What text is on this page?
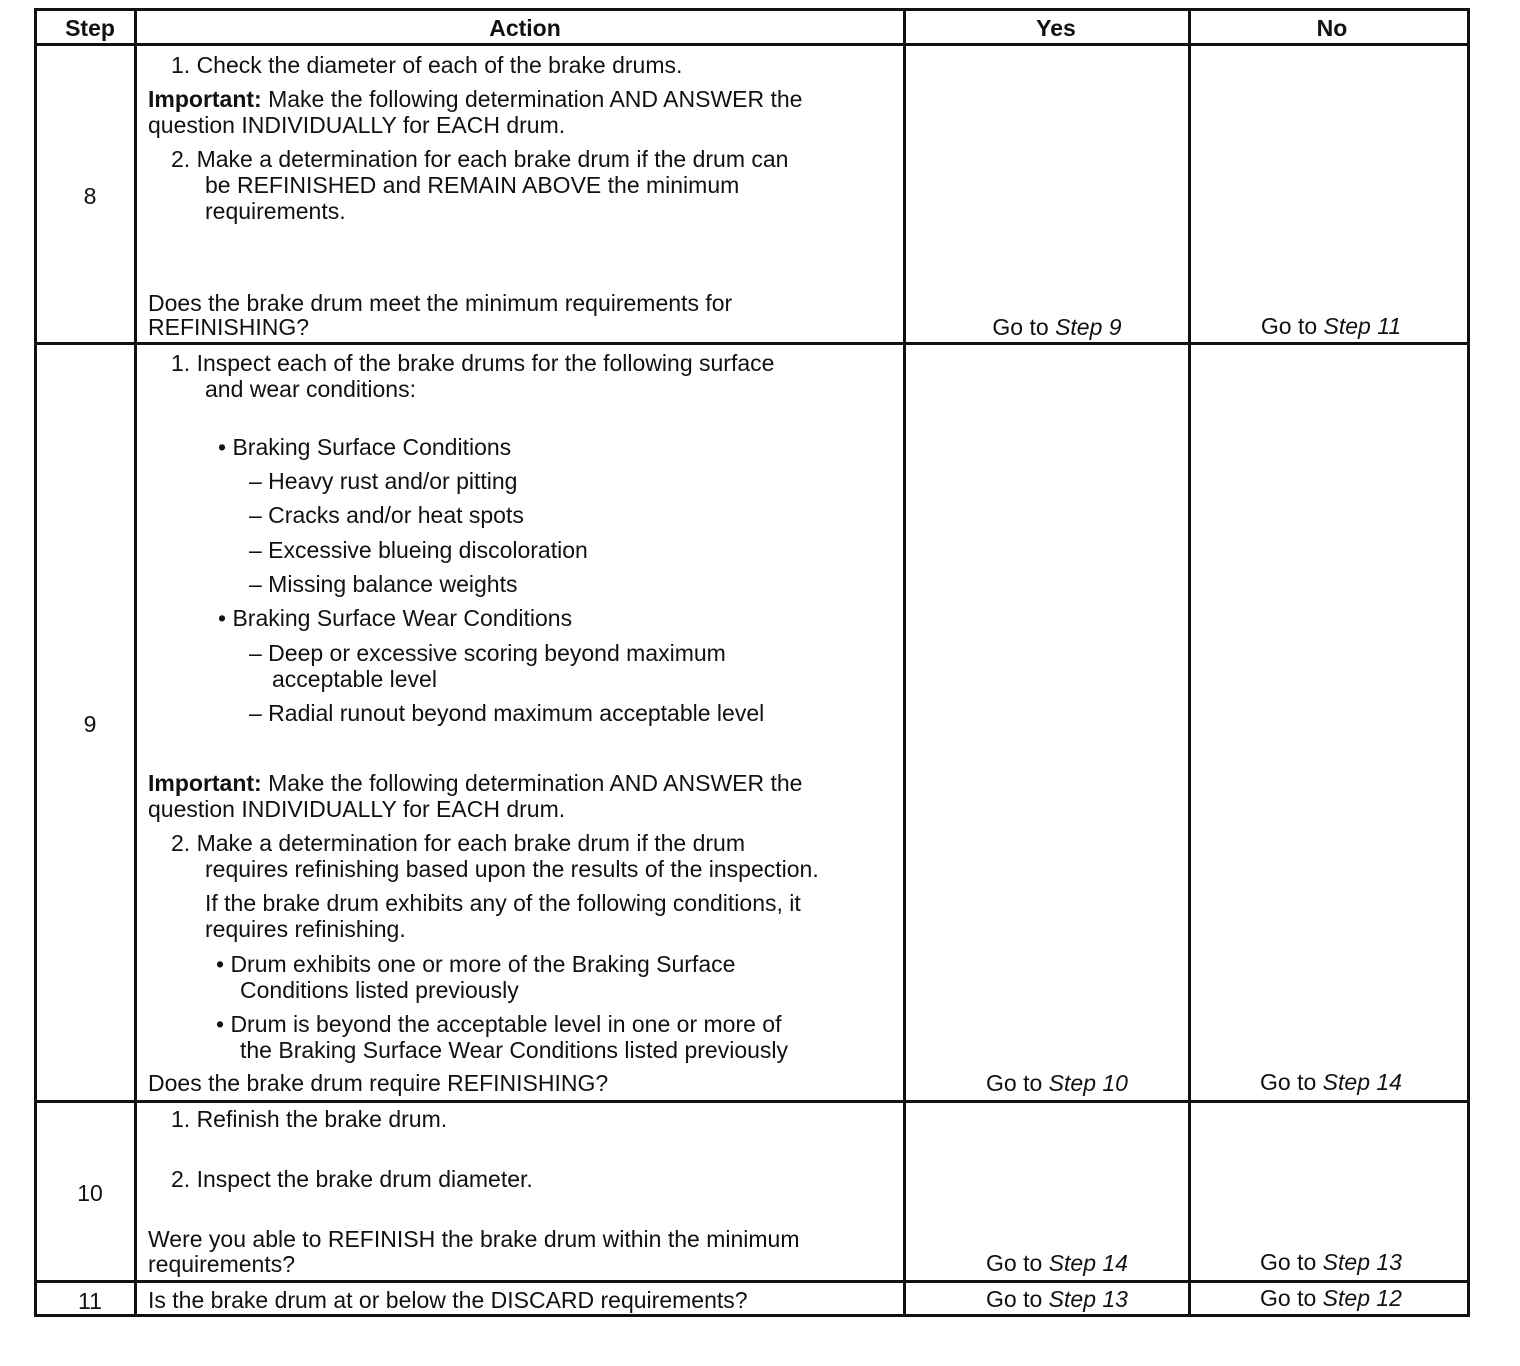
Step	Action	Yes	No
8
1. Check the diameter of each of the brake drums.
Important: Make the following determination AND ANSWER the
question INDIVIDUALLY for EACH drum.
2. Make a determination for each brake drum if the drum can
be REFINISHED and REMAIN ABOVE the minimum
requirements.
Does the brake drum meet the minimum requirements for
REFINISHING?	Go to Step 9	Go to Step 11
9
1. Inspect each of the brake drums for the following surface
and wear conditions:
• Braking Surface Conditions
– Heavy rust and/or pitting
– Cracks and/or heat spots
– Excessive blueing discoloration
– Missing balance weights
• Braking Surface Wear Conditions
– Deep or excessive scoring beyond maximum
acceptable level
– Radial runout beyond maximum acceptable level
Important: Make the following determination AND ANSWER the
question INDIVIDUALLY for EACH drum.
2. Make a determination for each brake drum if the drum
requires refinishing based upon the results of the inspection.
If the brake drum exhibits any of the following conditions, it
requires refinishing.
• Drum exhibits one or more of the Braking Surface
Conditions listed previously
• Drum is beyond the acceptable level in one or more of
the Braking Surface Wear Conditions listed previously
Does the brake drum require REFINISHING?	Go to Step 10	Go to Step 14
10
1. Refinish the brake drum.
2. Inspect the brake drum diameter.
Were you able to REFINISH the brake drum within the minimum
requirements?	Go to Step 14	Go to Step 13
11	Is the brake drum at or below the DISCARD requirements?	Go to Step 13	Go to Step 12
